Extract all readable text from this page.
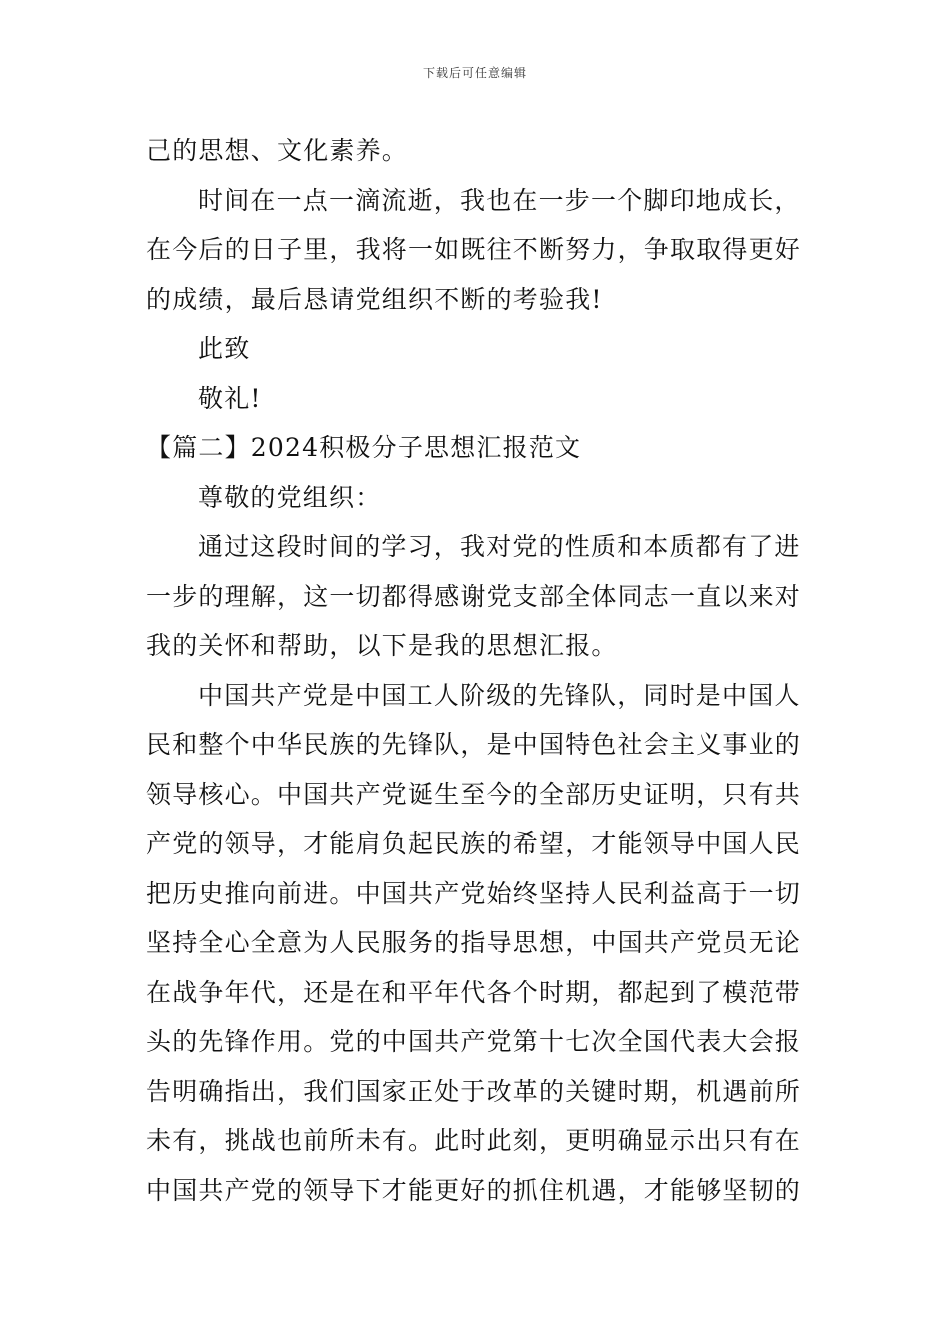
下载后可任意编辑
己的思想、文化素养。
时间在一点一滴流逝，我也在一步一个脚印地成长，
在今后的日子里，我将一如既往不断努力，争取取得更好
的成绩，最后恳请党组织不断的考验我!
此致
敬礼!
【篇二】2024积极分子思想汇报范文
尊敬的党组织：
通过这段时间的学习，我对党的性质和本质都有了进
一步的理解，这一切都得感谢党支部全体同志一直以来对
我的关怀和帮助，以下是我的思想汇报。
中国共产党是中国工人阶级的先锋队，同时是中国人
民和整个中华民族的先锋队，是中国特色社会主义事业的
领导核心。中国共产党诞生至今的全部历史证明，只有共
产党的领导，才能肩负起民族的希望，才能领导中国人民
把历史推向前进。中国共产党始终坚持人民利益高于一切
坚持全心全意为人民服务的指导思想，中国共产党员无论
在战争年代，还是在和平年代各个时期，都起到了模范带
头的先锋作用。党的中国共产党第十七次全国代表大会报
告明确指出，我们国家正处于改革的关键时期，机遇前所
未有，挑战也前所未有。此时此刻，更明确显示出只有在
中国共产党的领导下才能更好的抓住机遇，才能够坚韧的
